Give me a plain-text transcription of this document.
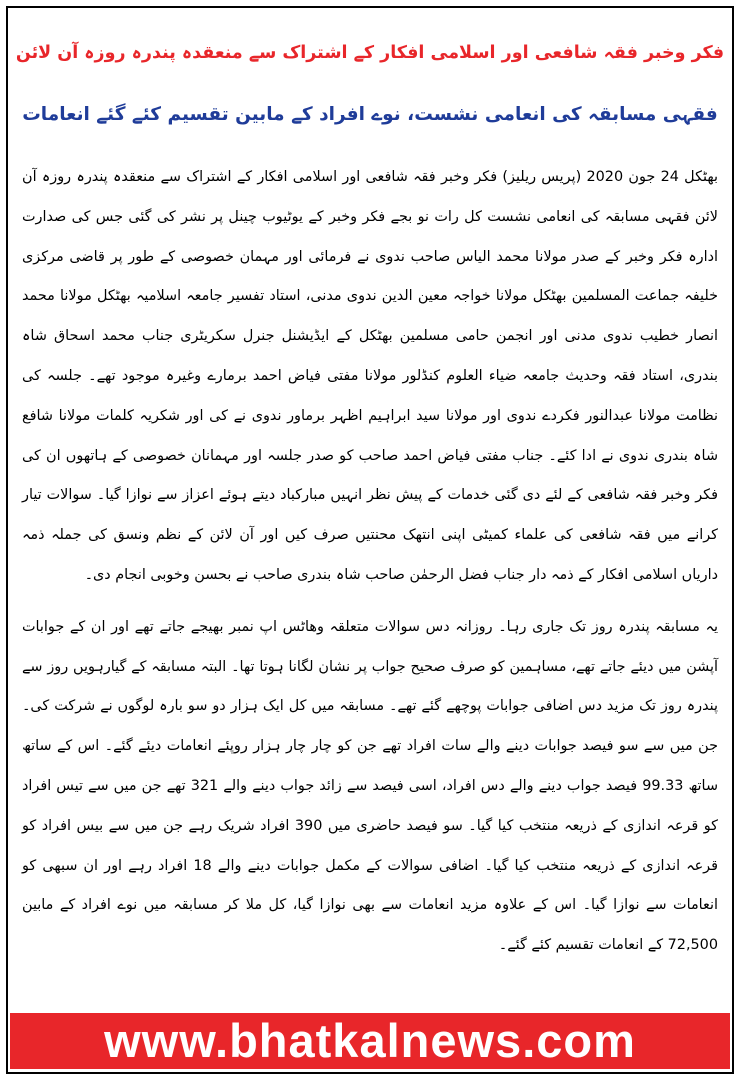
فکر وخبر فقہ شافعی اور اسلامی افکار کے اشتراک سے منعقدہ پندرہ روزہ آن لائن
فقہی مسابقہ کی انعامی نشست، نوے افراد کے مابین تقسیم کئے گئے انعامات

بھٹکل 24 جون 2020 (پریس ریلیز) فکر وخبر فقہ شافعی اور اسلامی افکار کے اشتراک سے منعقدہ پندرہ روزہ آن لائن فقہی مسابقہ کی انعامی نشست کل رات نو بجے فکر وخبر کے یوٹیوب چینل پر نشر کی گئی جس کی صدارت ادارہ فکر وخبر کے صدر مولانا محمد الیاس صاحب ندوی نے فرمائی اور مہمان خصوصی کے طور پر قاضی مرکزی خلیفہ جماعت المسلمین بھٹکل مولانا خواجہ معین الدین ندوی مدنی، استاد تفسیر جامعہ اسلامیہ بھٹکل مولانا محمد انصار خطیب ندوی مدنی اور انجمن حامی مسلمین بھٹکل کے ایڈیشنل جنرل سکریٹری جناب محمد اسحاق شاہ بندری، استاد فقہ وحدیث جامعہ ضیاء العلوم کنڈلور مولانا مفتی فیاض احمد برمارے وغیرہ موجود تھے۔ جلسہ کی نظامت مولانا عبدالنور فکردے ندوی اور مولانا سید ابراہیم اظہر برماور ندوی نے کی اور شکریہ کلمات مولانا شافع شاہ بندری ندوی نے ادا کئے۔ جناب مفتی فیاض احمد صاحب کو صدر جلسہ اور مہمانان خصوصی کے ہاتھوں ان کی فکر وخبر فقہ شافعی کے لئے دی گئی خدمات کے پیش نظر انہیں مبارکباد دیتے ہوئے اعزاز سے نوازا گیا۔ سوالات تیار کرانے میں فقہ شافعی کی علماء کمیٹی اپنی انتھک محنتیں صرف کیں اور آن لائن کے نظم ونسق کی جملہ ذمہ داریاں اسلامی افکار کے ذمہ دار جناب فضل الرحمٰن صاحب شاہ بندری صاحب نے بحسن وخوبی انجام دی۔

یہ مسابقہ پندرہ روز تک جاری رہا۔ روزانہ دس سوالات متعلقہ وھاٹس اپ نمبر بھیجے جاتے تھے اور ان کے جوابات آپشن میں دیئے جاتے تھے، مساہمین کو صرف صحیح جواب پر نشان لگانا ہوتا تھا۔ البتہ مسابقہ کے گیارہویں روز سے پندرہ روز تک مزید دس اضافی جوابات پوچھے گئے تھے۔ مسابقہ میں کل ایک ہزار دو سو بارہ لوگوں نے شرکت کی۔ جن میں سے سو فیصد جوابات دینے والے سات افراد تھے جن کو چار چار ہزار روپئے انعامات دیئے گئے۔ اس کے ساتھ ساتھ 99.33 فیصد جواب دینے والے دس افراد، اسی فیصد سے زائد جواب دینے والے 321 تھے جن میں سے تیس افراد کو قرعہ اندازی کے ذریعہ منتخب کیا گیا۔ سو فیصد حاضری میں 390 افراد شریک رہے جن میں سے بیس افراد کو قرعہ اندازی کے ذریعہ منتخب کیا گیا۔ اضافی سوالات کے مکمل جوابات دینے والے 18 افراد رہے اور ان سبھی کو انعامات سے نوازا گیا۔ اس کے علاوہ مزید انعامات سے بھی نوازا گیا، کل ملا کر مسابقہ میں نوے افراد کے مابین 72,500 کے انعامات تقسیم کئے گئے۔

www.bhatkalnews.com
